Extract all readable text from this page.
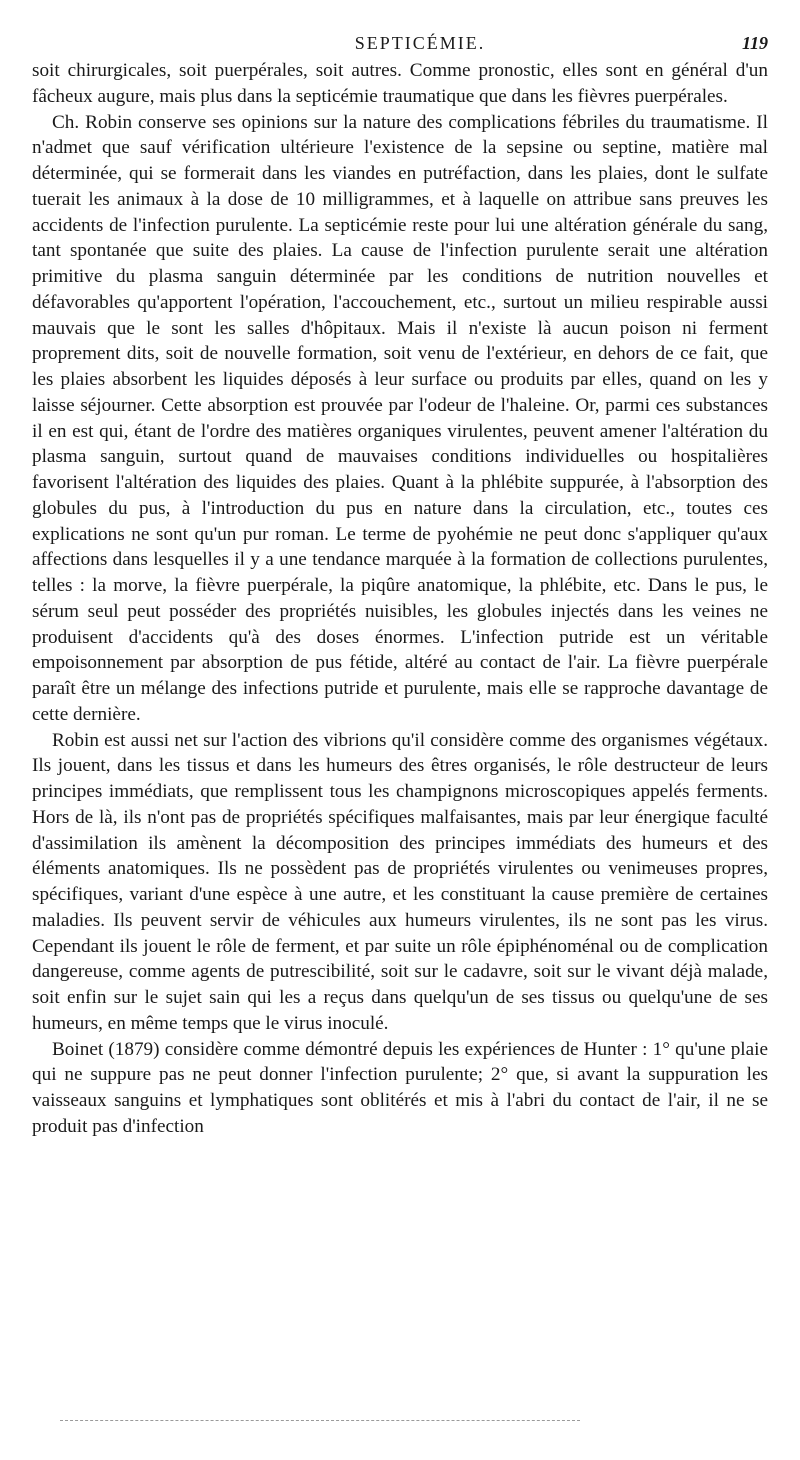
SEPTICÉMIE.	119

soit chirurgicales, soit puerpérales, soit autres. Comme pronostic, elles sont en général d'un fâcheux augure, mais plus dans la septicémie traumatique que dans les fièvres puerpérales.

Ch. Robin conserve ses opinions sur la nature des complications fébriles du traumatisme. Il n'admet que sauf vérification ultérieure l'existence de la sepsine ou septine, matière mal déterminée, qui se formerait dans les viandes en putréfaction, dans les plaies, dont le sulfate tuerait les animaux à la dose de 10 milligrammes, et à laquelle on attribue sans preuves les accidents de l'infection purulente. La septicémie reste pour lui une altération générale du sang, tant spontanée que suite des plaies. La cause de l'infection purulente serait une altération primitive du plasma sanguin déterminée par les conditions de nutrition nouvelles et défavorables qu'apportent l'opération, l'accouchement, etc., surtout un milieu respirable aussi mauvais que le sont les salles d'hôpitaux. Mais il n'existe là aucun poison ni ferment proprement dits, soit de nouvelle formation, soit venu de l'extérieur, en dehors de ce fait, que les plaies absorbent les liquides déposés à leur surface ou produits par elles, quand on les y laisse séjourner. Cette absorption est prouvée par l'odeur de l'haleine. Or, parmi ces substances il en est qui, étant de l'ordre des matières organiques virulentes, peuvent amener l'altération du plasma sanguin, surtout quand de mauvaises conditions individuelles ou hospitalières favorisent l'altération des liquides des plaies. Quant à la phlébite suppurée, à l'absorption des globules du pus, à l'introduction du pus en nature dans la circulation, etc., toutes ces explications ne sont qu'un pur roman. Le terme de pyohémie ne peut donc s'appliquer qu'aux affections dans lesquelles il y a une tendance marquée à la formation de collections purulentes, telles : la morve, la fièvre puerpérale, la piqûre anatomique, la phlébite, etc. Dans le pus, le sérum seul peut posséder des propriétés nuisibles, les globules injectés dans les veines ne produisent d'accidents qu'à des doses énormes. L'infection putride est un véritable empoisonnement par absorption de pus fétide, altéré au contact de l'air. La fièvre puerpérale paraît être un mélange des infections putride et purulente, mais elle se rapproche davantage de cette dernière.

Robin est aussi net sur l'action des vibrions qu'il considère comme des organismes végétaux. Ils jouent, dans les tissus et dans les humeurs des êtres organisés, le rôle destructeur de leurs principes immédiats, que remplissent tous les champignons microscopiques appelés ferments. Hors de là, ils n'ont pas de propriétés spécifiques malfaisantes, mais par leur énergique faculté d'assimilation ils amènent la décomposition des principes immédiats des humeurs et des éléments anatomiques. Ils ne possèdent pas de propriétés virulentes ou venimeuses propres, spécifiques, variant d'une espèce à une autre, et les constituant la cause première de certaines maladies. Ils peuvent servir de véhicules aux humeurs virulentes, ils ne sont pas les virus. Cependant ils jouent le rôle de ferment, et par suite un rôle épiphénoménal ou de complication dangereuse, comme agents de putrescibilité, soit sur le cadavre, soit sur le vivant déjà malade, soit enfin sur le sujet sain qui les a reçus dans quelqu'un de ses tissus ou quelqu'une de ses humeurs, en même temps que le virus inoculé.

Boinet (1879) considère comme démontré depuis les expériences de Hunter : 1° qu'une plaie qui ne suppure pas ne peut donner l'infection purulente; 2° que, si avant la suppuration les vaisseaux sanguins et lymphatiques sont oblitérés et mis à l'abri du contact de l'air, il ne se produit pas d'infection
